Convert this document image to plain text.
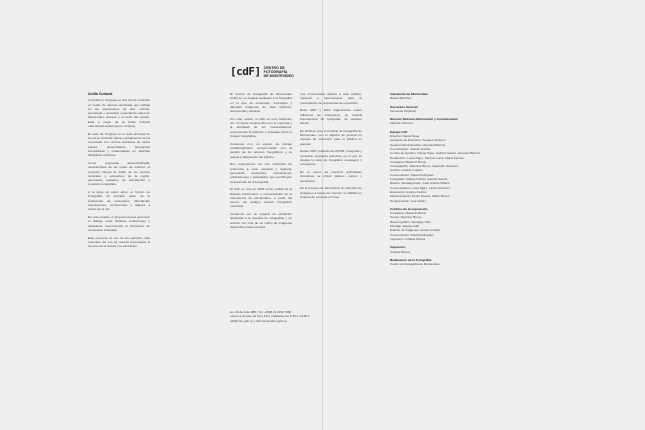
Anilla Cultural

La Anilla en Uruguay es una red de conexión en redes de internet avanzada que trabaja en las instituciones de arte, ciencia, tecnología y sociedad, conectando redes de Montevideo, Europa y el resto del mundo. Está a cargo de la Anilla Cultural Latinoamérica-Europa en Uruguay.

El nodo de Uruguay es el nodo principal de la red en América Latina y actualmente se ha conectado con centros culturales de varios países, desarrollando propuestas innovadoras y colaborativas en distintas disciplinas artísticas.

Como propuesta descentralizada, característica de las redes de internet, el proyecto integra la visión de los centros culturales y educativos de la región, generando espacios de intercambio y creación compartida.

A lo largo de estos años, el Centro de Fotografía ha formado parte de la producción de contenidos, difundiendo exposiciones, conferencias y talleres a través de la red.

En este sentido, el proyecto busca promover el diálogo entre distintas instituciones y disciplinas, favoreciendo la circulación de contenidos culturales.

Este proyecto es uno de los ejemplos más recientes del uso de nuevas tecnologías al servicio de la cultura y la educación.

[cdF] CENTRO DE
FOTOGRAFÍA
DE MONTEVIDEO

El Centro de Fotografía de Montevideo (CdF) es un espacio dedicado a la fotografía en el que se conservan, investigan y difunden imágenes de valor histórico, documental y artístico.

Por este motivo, el CdF es una institución con un fuerte compromiso con la memoria y la identidad de los montevideanos, promoviendo la reflexión y el debate sobre la imagen fotográfica.

Contamos con un equipo de trabajo multidisciplinario comprometido con la gestión de los acervos fotográficos y su puesta a disposición del público.

Nos proponemos ser una institución de referencia a nivel nacional y regional, generando contenidos, exposiciones, publicaciones y actividades que contribuyan al desarrollo de la fotografía.

El CdF se crea en 2002 como unidad de la División Información y Comunicación de la Intendencia de Montevideo, a partir del acervo del antiguo archivo fotográfico municipal.

Contamos con un espacio de exhibición destinado a la muestra de fotografías y un archivo con más de un millón de imágenes disponibles para consulta.

una convocatoria abierta a todo público, nacional e internacional, para la presentación de propuestas de exposición.

Entre 2007 y 2015 organizamos cuatro ediciones de Fotograma, un festival internacional de fotografía, de carácter bienal.

En 2016 se creó el Festival de Fotografía de Montevideo, con el objetivo de generar un espacio de encuentro para el público en general.

Desde 2007 producimos ZOOM, fotografía y sociedad, programa televisivo en el que se divulga la obra de fotógrafos uruguayos y extranjeros.

En el marco de nuestros actividades formativas se dictan talleres, cursos y seminarios.

En el proceso de administrar la colección de imágenes a través de internet, se habilitó un sistema de consulta en línea.

Av. 18 de Julio 885 | Tel. +(598 2) 1950 7960
Lunes a viernes de 10 a 19 h | Sábados de 9:30 a 14:30 h
cdf@imm.gub.uy | cdf.montevideo.gub.uy
Intendente de Montevideo
Daniel Martínez
Secretario General
Fernando Nopitsch
Director División Información y Comunicación
Marcelo Visconti
Equipo CdF

Director: Daniel Sosa
Asistente de Dirección: Susana Centeno
Gestión Administrativa: Verónica Barrios
Coordinación: Gabriel García
Comité de Gestión: Daniel Sosa, Gabriel García, Verónica Barrios
Producción: Lucía Nigro, Ximena Lucia, María Ferraro
Curaduría: Mauricio Bruno
Investigación: Mauricio Bruno, Alejandro Sánchez
Archivo: Andrés Cuadro
Conservación: Paola Rodríguez
Fotografía: Andrés Cribari, Gabriel García
Diseño: Santiago Díaz, Juan Andrés Milano
Comunicación: Lucía Nigro, Laura Giménez
Educación: Andrés Cedrés
Mantenimiento: Pedro Duarte, Milton Bruno
Programación: Ana Castro
Créditos de la exposición

Curaduría: Mauricio Bruno
Textos: Mauricio Bruno
Diseño gráfico: Santiago Díaz
Montaje: Equipo CdF
Edición de imágenes: Andrés Cribari
Conservación: Paola Rodríguez
Impresión: Gráfica Mosca
Impresión:
Gráfica Mosca
Realización de la Fotografía:
Centro de Fotografía de Montevideo
